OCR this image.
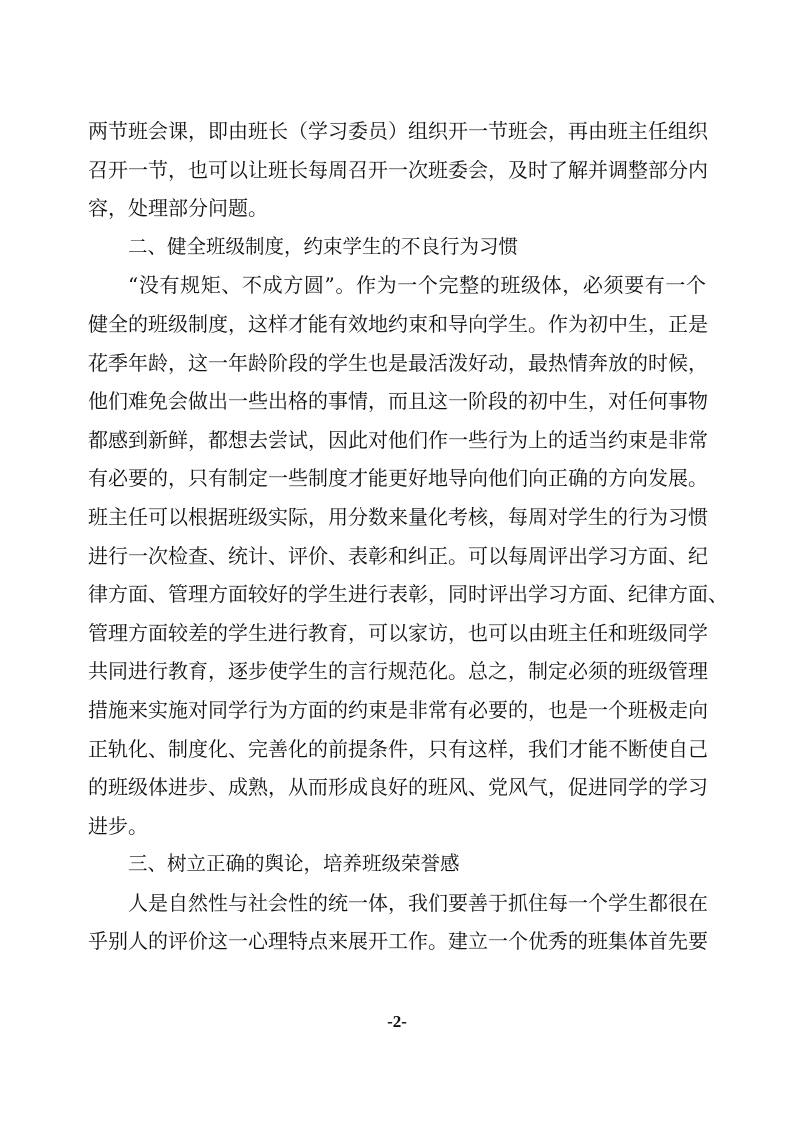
两节班会课，即由班长（学习委员）组织开一节班会，再由班主任组织
召开一节，也可以让班长每周召开一次班委会，及时了解并调整部分内
容，处理部分问题。
二、健全班级制度，约束学生的不良行为习惯
“没有规矩、不成方圆”。作为一个完整的班级体，必须要有一个
健全的班级制度，这样才能有效地约束和导向学生。作为初中生，正是
花季年龄，这一年龄阶段的学生也是最活泼好动，最热情奔放的时候，
他们难免会做出一些出格的事情，而且这一阶段的初中生，对任何事物
都感到新鲜，都想去尝试，因此对他们作一些行为上的适当约束是非常
有必要的，只有制定一些制度才能更好地导向他们向正确的方向发展。
班主任可以根据班级实际，用分数来量化考核，每周对学生的行为习惯
进行一次检查、统计、评价、表彰和纠正。可以每周评出学习方面、纪
律方面、管理方面较好的学生进行表彰，同时评出学习方面、纪律方面、
管理方面较差的学生进行教育，可以家访，也可以由班主任和班级同学
共同进行教育，逐步使学生的言行规范化。总之，制定必须的班级管理
措施来实施对同学行为方面的约束是非常有必要的，也是一个班极走向
正轨化、制度化、完善化的前提条件，只有这样，我们才能不断使自己
的班级体进步、成熟，从而形成良好的班风、党风气，促进同学的学习
进步。
三、树立正确的舆论，培养班级荣誉感
人是自然性与社会性的统一体，我们要善于抓住每一个学生都很在
乎别人的评价这一心理特点来展开工作。建立一个优秀的班集体首先要
-2-
